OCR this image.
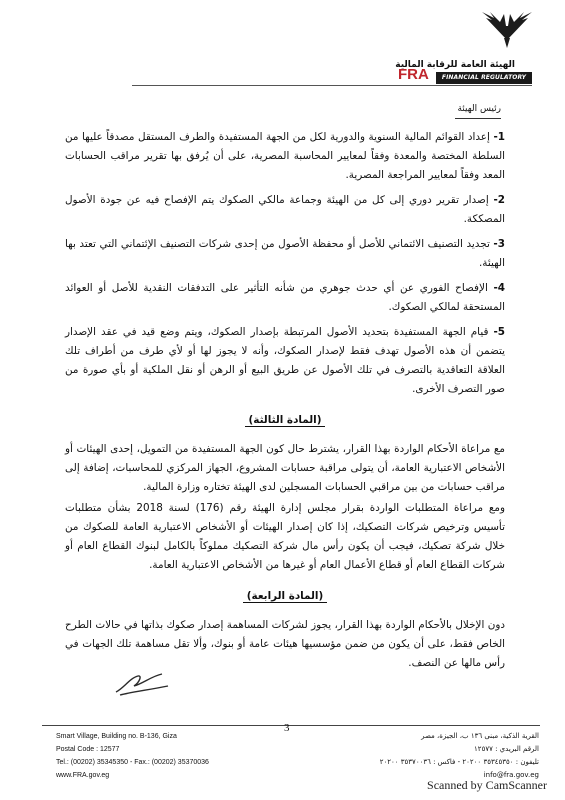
الهيئة العامة للرقابة المالية
FRA	FINANCIAL REGULATORY AUTHORITY
رئيس الهيئة
1- إعداد القوائم المالية السنوية والدورية لكل من الجهة المستفيدة والطرف المستقل مصدقاً عليها من السلطة المختصة والمعدة وفقاً لمعايير المحاسبة المصرية، على أن يُرفق بها تقرير مراقب الحسابات المعد وفقاً لمعايير المراجعة المصرية.
2- إصدار تقرير دوري إلى كل من الهيئة وجماعة مالكي الصكوك يتم الإفصاح فيه عن جودة الأصول المصككة.
3- تجديد التصنيف الائتماني للأصل أو محفظة الأصول من إحدى شركات التصنيف الإئتماني التي تعتد بها الهيئة.
4- الإفصاح الفوري عن أي حدث جوهري من شأنه التأثير على التدفقات النقدية للأصل أو العوائد المستحقة لمالكي الصكوك.
5- قيام الجهة المستفيدة بتحديد الأصول المرتبطة بإصدار الصكوك، ويتم وضع قيد في عقد الإصدار يتضمن أن هذه الأصول تهدف فقط لإصدار الصكوك، وأنه لا يجوز لها أو لأي طرف من أطراف تلك العلاقة التعاقدية بالتصرف في تلك الأصول عن طريق البيع أو الرهن أو نقل الملكية أو بأي صورة من صور التصرف الأخرى.
(المادة الثالثة)

مع مراعاة الأحكام الواردة بهذا القرار، يشترط حال كون الجهة المستفيدة من التمويل، إحدى الهيئات أو الأشخاص الاعتبارية العامة، أن يتولى مراقبة حسابات المشروع، الجهاز المركزي للمحاسبات، إضافة إلى مراقب حسابات من بين مراقبي الحسابات المسجلين لدى الهيئة تختاره وزارة المالية.

ومع مراعاة المتطلبات الواردة بقرار مجلس إدارة الهيئة رقم (176) لسنة 2018 بشأن متطلبات تأسيس وترخيص شركات التصكيك، إذا كان إصدار الهيئات أو الأشخاص الاعتبارية العامة للصكوك من خلال شركة تصكيك، فيجب أن يكون رأس مال شركة التصكيك مملوكاً بالكامل لبنوك القطاع العام أو شركات القطاع العام أو قطاع الأعمال العام أو غيرها من الأشخاص الاعتبارية العامة.

(المادة الرابعة)

دون الإخلال بالأحكام الواردة بهذا القرار، يجوز لشركات المساهمة إصدار صكوك بذاتها في حالات الطرح الخاص فقط، على أن يكون من ضمن مؤسسيها هيئات عامة أو بنوك، وألا تقل مساهمة تلك الجهات في رأس مالها عن النصف.

3
Smart Village, Building no. B-136, Giza
Postal Code : 12577
Tel.: (00202) 35345350 - Fax.: (00202) 35370036
www.FRA.gov.eg
القرية الذكية، مبنى ١٣٦ ب، الجيزة، مصر
الرقم البريدي : ١٢٥٧٧
تليفون : ٣٥٣٤٥٣٥٠ ٢٠٢٠٠ - فاكس : ٣٥٣٧٠٠٣٦ ٢٠٢٠٠
info@fra.gov.eg
Scanned by CamScanner
